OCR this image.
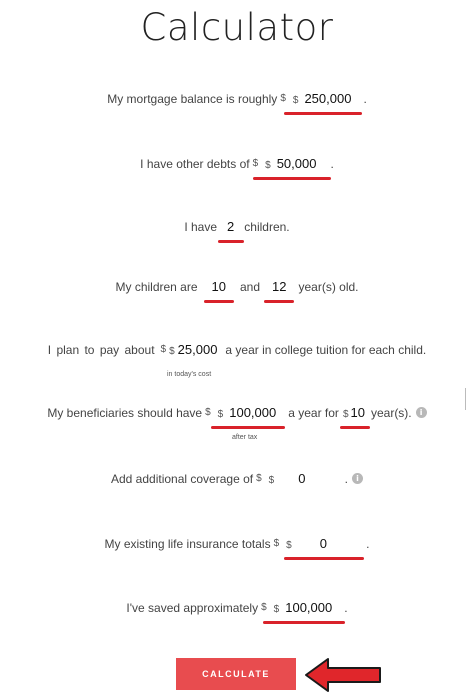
Calculator
My mortgage balance is roughly $ $ 250,000 .
I have other debts of $ $ 50,000 .
I have 2 children.
My children are 10 and 12 year(s) old.
I plan to pay about $ $ 25,000 a year in college tuition for each child.
in today's cost
My beneficiaries should have $ $ 100,000 a year for $ 10 year(s).	i
after tax
Add additional coverage of $ $ 0	.	i
My existing life insurance totals $ $ 0	.
I've saved approximately $ $ 100,000 .
CALCULATE
